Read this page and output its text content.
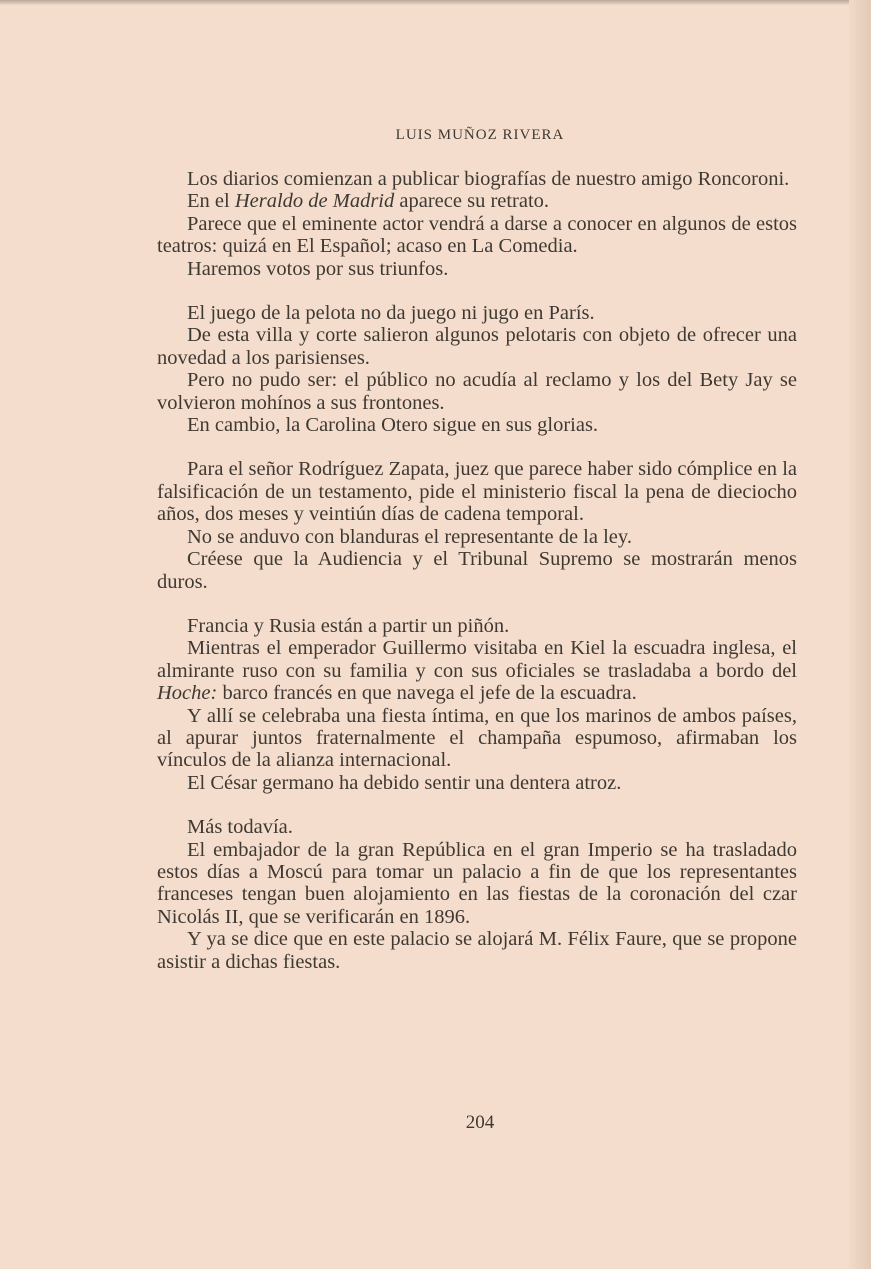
LUIS MUÑOZ RIVERA

Los diarios comienzan a publicar biografías de nuestro amigo Roncoroni.

En el Heraldo de Madrid aparece su retrato.

Parece que el eminente actor vendrá a darse a conocer en algunos de estos teatros: quizá en El Español; acaso en La Comedia.

Haremos votos por sus triunfos.

El juego de la pelota no da juego ni jugo en París.

De esta villa y corte salieron algunos pelotaris con objeto de ofrecer una novedad a los parisienses.

Pero no pudo ser: el público no acudía al reclamo y los del Bety Jay se volvieron mohínos a sus frontones.

En cambio, la Carolina Otero sigue en sus glorias.

Para el señor Rodríguez Zapata, juez que parece haber sido cómplice en la falsificación de un testamento, pide el ministerio fiscal la pena de dieciocho años, dos meses y veintiún días de cadena temporal.

No se anduvo con blanduras el representante de la ley.

Créese que la Audiencia y el Tribunal Supremo se mostrarán menos duros.

Francia y Rusia están a partir un piñón.

Mientras el emperador Guillermo visitaba en Kiel la escuadra inglesa, el almirante ruso con su familia y con sus oficiales se trasladaba a bordo del Hoche: barco francés en que navega el jefe de la escuadra.

Y allí se celebraba una fiesta íntima, en que los marinos de ambos países, al apurar juntos fraternalmente el champaña espumoso, afirmaban los vínculos de la alianza internacional.

El César germano ha debido sentir una dentera atroz.

Más todavía.

El embajador de la gran República en el gran Imperio se ha trasladado estos días a Moscú para tomar un palacio a fin de que los representantes franceses tengan buen alojamiento en las fiestas de la coronación del czar Nicolás II, que se verificarán en 1896.

Y ya se dice que en este palacio se alojará M. Félix Faure, que se propone asistir a dichas fiestas.

204
